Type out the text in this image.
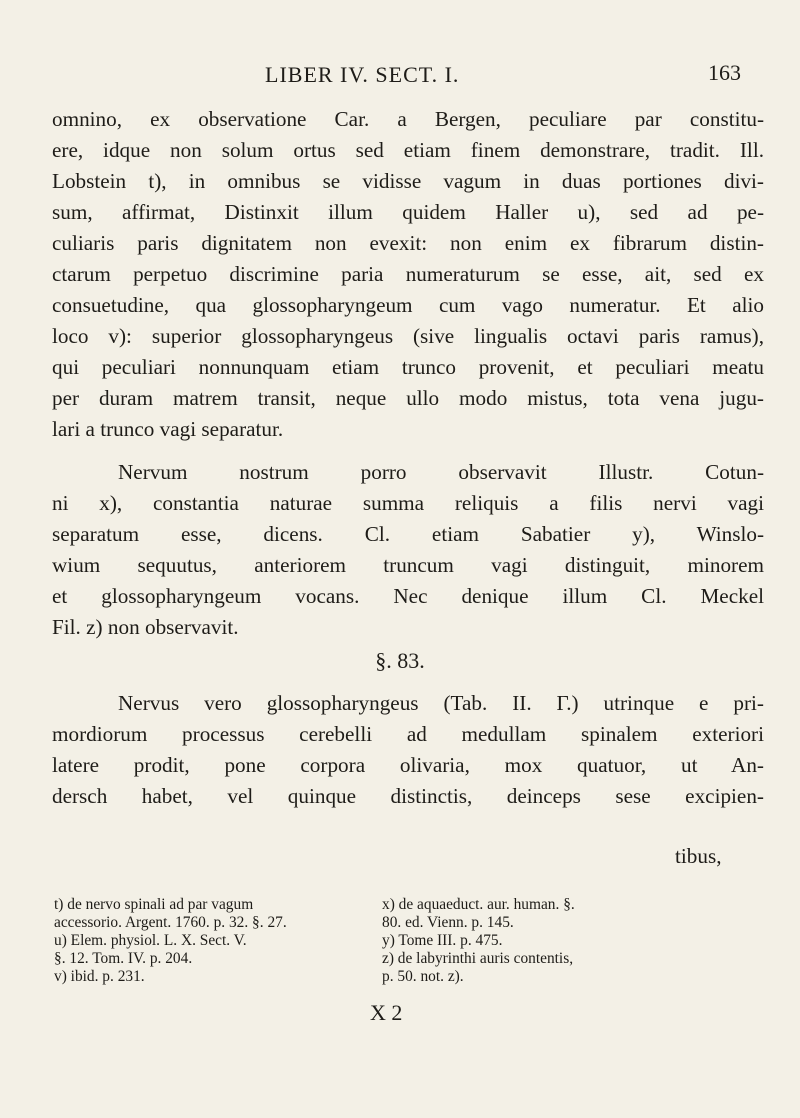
LIBER IV. SECT. I.	163
omnino, ex observatione Car. a Bergen, peculiare par constitu-
ere, idque non solum ortus sed etiam finem demonstrare, tradit. Ill.
Lobstein t), in omnibus se vidisse vagum in duas portiones divi-
sum, affirmat, Distinxit illum quidem Haller u), sed ad pe-
culiaris paris dignitatem non evexit: non enim ex fibrarum distin-
ctarum perpetuo discrimine paria numeraturum se esse, ait, sed ex
consuetudine, qua glossopharyngeum cum vago numeratur. Et alio
loco v): superior glossopharyngeus (sive lingualis octavi paris ramus),
qui peculiari nonnunquam etiam trunco provenit, et peculiari meatu
per duram matrem transit, neque ullo modo mistus, tota vena jugu-
lari a trunco vagi separatur.
Nervum nostrum porro observavit Illustr. Cotun-
ni x), constantia naturae summa reliquis a filis nervi vagi
separatum esse, dicens. Cl. etiam Sabatier y), Winslo-
wium sequutus, anteriorem truncum vagi distinguit, minorem
et glossopharyngeum vocans. Nec denique illum Cl. Meckel
Fil. z) non observavit.
§. 83.
Nervus vero glossopharyngeus (Tab. II. Γ.) utrinque e pri-
mordiorum processus cerebelli ad medullam spinalem exteriori
latere prodit, pone corpora olivaria, mox quatuor, ut An-
dersch habet, vel quinque distinctis, deinceps sese excipien-
tibus,
t) de nervo spinali ad par vagum
accessorio. Argent. 1760. p. 32. §. 27.
u) Elem. physiol. L. X. Sect. V.
§. 12. Tom. IV. p. 204.
v) ibid. p. 231.
x) de aquaeduct. aur. human. §.
80. ed. Vienn. p. 145.
y) Tome III. p. 475.
z) de labyrinthi auris contentis,
p. 50. not. z).
X 2
